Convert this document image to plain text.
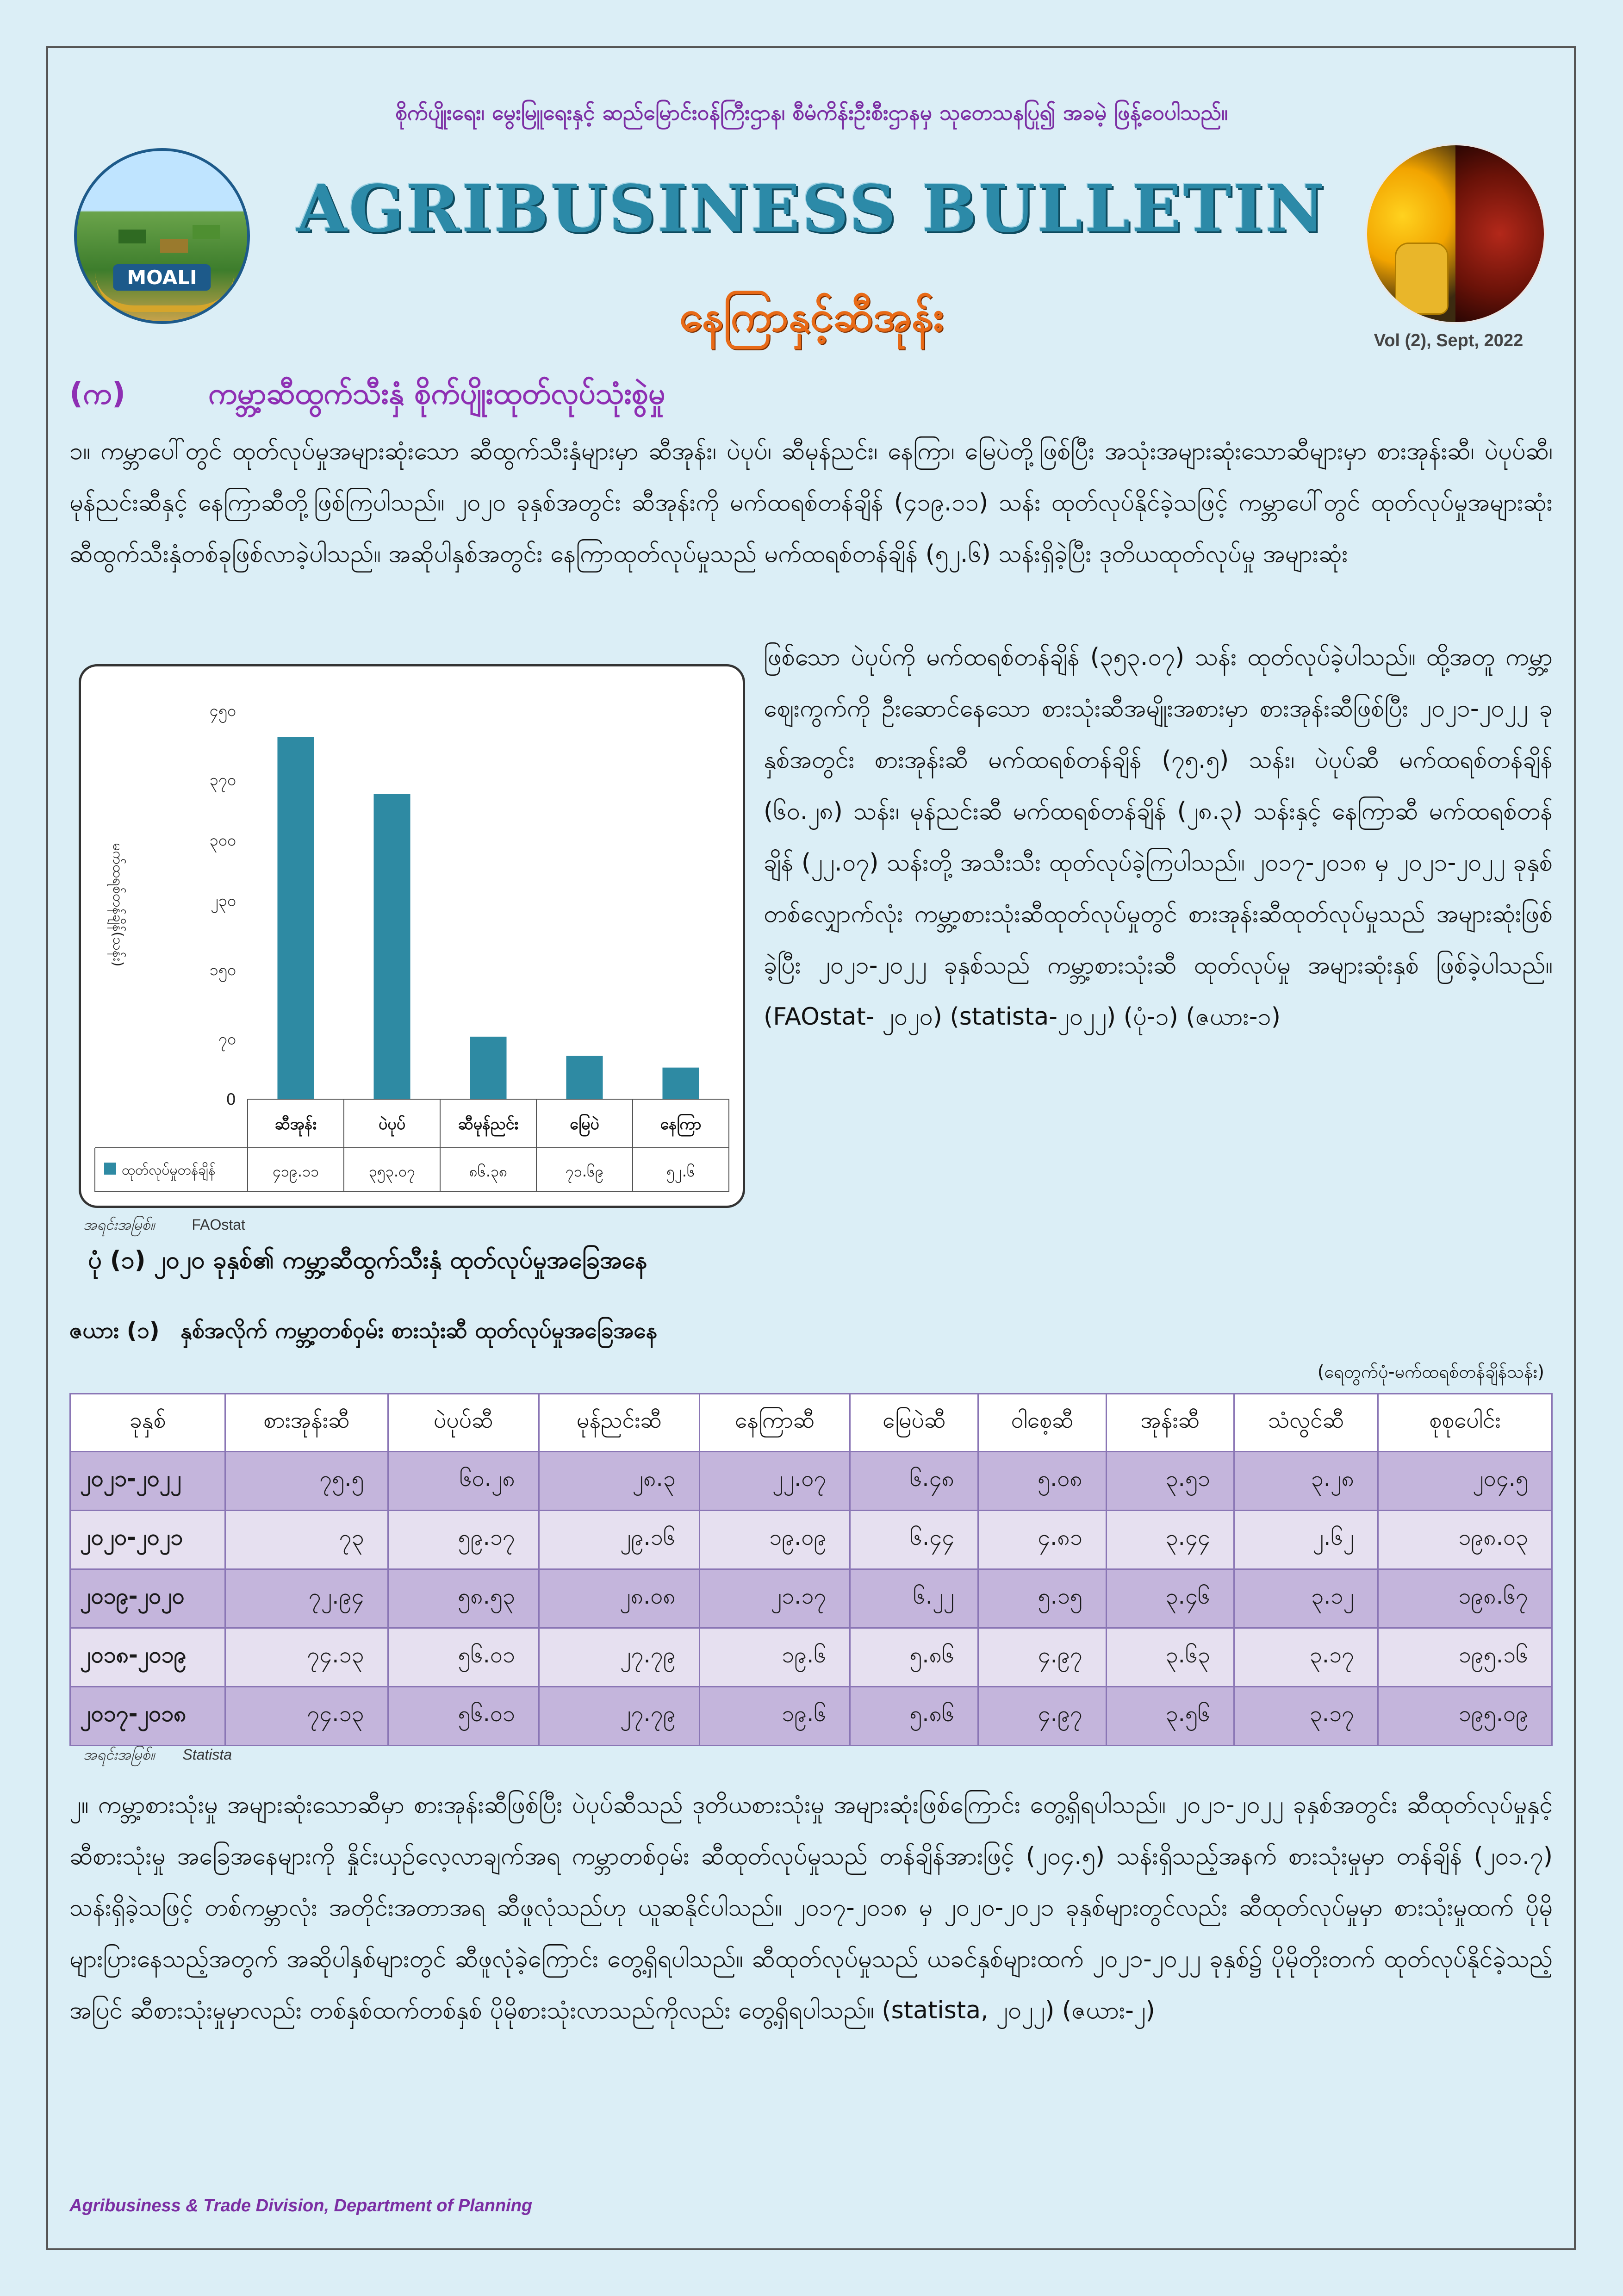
စိုက်ပျိုးရေး၊ မွေးမြူရေးနှင့် ဆည်မြောင်းဝန်ကြီးဌာန၊ စီမံကိန်းဦးစီးဌာနမှ သုတေသနပြု၍ အခမဲ့ ဖြန့်ဝေပါသည်။
MOALI
AGRIBUSINESS BULLETIN
နေကြာနှင့်ဆီအုန်း	Vol (2), Sept, 2022
(က)	ကမ္ဘာ့ဆီထွက်သီးနှံ စိုက်ပျိုးထုတ်လုပ်သုံးစွဲမှု
၁။ ကမ္ဘာပေါ်တွင် ထုတ်လုပ်မှုအများဆုံးသော ဆီထွက်သီးနှံများမှာ ဆီအုန်း၊ ပဲပုပ်၊ ဆီမုန်ညင်း၊ နေကြာ၊ မြေပဲတို့ဖြစ်ပြီး အသုံးအများဆုံးသောဆီများမှာ စားအုန်းဆီ၊ ပဲပုပ်ဆီ၊ မုန်ညင်းဆီနှင့် နေကြာဆီတို့ဖြစ်ကြပါသည်။ ၂၀၂၀ ခုနှစ်အတွင်း ဆီအုန်းကို မက်ထရစ်တန်ချိန် (၄၁၉.၁၁) သန်း ထုတ်လုပ်နိုင်ခဲ့သဖြင့် ကမ္ဘာပေါ်တွင် ထုတ်လုပ်မှုအများဆုံး ဆီထွက်သီးနှံတစ်ခုဖြစ်လာခဲ့ပါသည်။ အဆိုပါနှစ်အတွင်း နေကြာထုတ်လုပ်မှုသည် မက်ထရစ်တန်ချိန် (၅၂.၆) သန်းရှိခဲ့ပြီး ဒုတိယထုတ်လုပ်မှု အများဆုံး
ဖြစ်သော ပဲပုပ်ကို မက်ထရစ်တန်ချိန် (၃၅၃.၀၇) သန်း ထုတ်လုပ်ခဲ့ပါသည်။ ထို့အတူ ကမ္ဘာ့ဈေးကွက်ကို ဦးဆောင်နေသော စားသုံးဆီအမျိုးအစားမှာ စားအုန်းဆီဖြစ်ပြီး ၂၀၂၁-၂၀၂၂ ခုနှစ်အတွင်း စားအုန်းဆီ မက်ထရစ်တန်ချိန် (၇၅.၅) သန်း၊ ပဲပုပ်ဆီ မက်ထရစ်တန်ချိန် (၆၀.၂၈) သန်း၊ မုန်ညင်းဆီ မက်ထရစ်တန်ချိန် (၂၈.၃) သန်းနှင့် နေကြာဆီ မက်ထရစ်တန်ချိန် (၂၂.၀၇) သန်းတို့ အသီးသီး ထုတ်လုပ်ခဲ့ကြပါသည်။ ၂၀၁၇-၂၀၁၈ မှ ၂၀၂၁-၂၀၂၂ ခုနှစ်တစ်လျှောက်လုံး ကမ္ဘာ့စားသုံးဆီထုတ်လုပ်မှုတွင် စားအုန်းဆီထုတ်လုပ်မှုသည် အများဆုံးဖြစ်ခဲ့ပြီး ၂၀၂၁-၂၀၂၂ ခုနှစ်သည် ကမ္ဘာ့စားသုံးဆီ ထုတ်လုပ်မှု အများဆုံးနှစ် ဖြစ်ခဲ့ပါသည်။ (FAOstat- ၂၀၂၀) (statista-၂၀၂၂) (ပုံ-၁) (ဇယား-၁)
မက်ထရစ်တန်ချိန်(သန်း)
0
၇၀
၁၅၀
၂၃၀
၃၀၀
၃၇၀
၄၅၀
ထုတ်လုပ်မှုတန်ချိန်
ဆီအုန်း
၄၁၉.၁၁
ပဲပုပ်
၃၅၃.၀၇
ဆီမုန်ညင်း
၈၆.၃၈
မြေပဲ
၇၁.၆၉
နေကြာ
၅၂.၆
အရင်းအမြစ်။	FAOstat
ပုံ (၁) ၂၀၂၀ ခုနှစ်၏ ကမ္ဘာ့ဆီထွက်သီးနှံ ထုတ်လုပ်မှုအခြေအနေ
ဇယား (၁) နှစ်အလိုက် ကမ္ဘာ့တစ်ဝှမ်း စားသုံးဆီ ထုတ်လုပ်မှုအခြေအနေ
(ရေတွက်ပုံ-မက်ထရစ်တန်ချိန်သန်း)
ခုနှစ်	စားအုန်းဆီ	ပဲပုပ်ဆီ	မုန်ညင်းဆီ	နေကြာဆီ	မြေပဲဆီ	ဝါစေ့ဆီ	အုန်းဆီ	သံလွင်ဆီ	စုစုပေါင်း
၂၀၂၁-၂၀၂၂	၇၅.၅	၆၀.၂၈	၂၈.၃	၂၂.၀၇	၆.၄၈	၅.၀၈	၃.၅၁	၃.၂၈	၂၀၄.၅
၂၀၂၀-၂၀၂၁	၇၃	၅၉.၁၇	၂၉.၁၆	၁၉.၀၉	၆.၄၄	၄.၈၁	၃.၄၄	၂.၆၂	၁၉၈.၀၃
၂၀၁၉-၂၀၂၀	၇၂.၉၄	၅၈.၅၃	၂၈.၀၈	၂၁.၁၇	၆.၂၂	၅.၁၅	၃.၄၆	၃.၁၂	၁၉၈.၆၇
၂၀၁၈-၂၀၁၉	၇၄.၁၃	၅၆.၀၁	၂၇.၇၉	၁၉.၆	၅.၈၆	၄.၉၇	၃.၆၃	၃.၁၇	၁၉၅.၁၆
၂၀၁၇-၂၀၁၈	၇၄.၁၃	၅၆.၀၁	၂၇.၇၉	၁၉.၆	၅.၈၆	၄.၉၇	၃.၅၆	၃.၁၇	၁၉၅.၀၉
အရင်းအမြစ်။ Statista
၂။ ကမ္ဘာ့စားသုံးမှု အများဆုံးသောဆီမှာ စားအုန်းဆီဖြစ်ပြီး ပဲပုပ်ဆီသည် ဒုတိယစားသုံးမှု အများဆုံးဖြစ်ကြောင်း တွေ့ရှိရပါသည်။ ၂၀၂၁-၂၀၂၂ ခုနှစ်အတွင်း ဆီထုတ်လုပ်မှုနှင့် ဆီစားသုံးမှု အခြေအနေများကို နှိုင်းယှဉ်လေ့လာချက်အရ ကမ္ဘာတစ်ဝှမ်း ဆီထုတ်လုပ်မှုသည် တန်ချိန်အားဖြင့် (၂၀၄.၅) သန်းရှိသည့်အနက် စားသုံးမှုမှာ တန်ချိန် (၂၀၁.၇) သန်းရှိခဲ့သဖြင့် တစ်ကမ္ဘာလုံး အတိုင်းအတာအရ ဆီဖူလုံသည်ဟု ယူဆနိုင်ပါသည်။ ၂၀၁၇-၂၀၁၈ မှ ၂၀၂၀-၂၀၂၁ ခုနှစ်များတွင်လည်း ဆီထုတ်လုပ်မှုမှာ စားသုံးမှုထက် ပိုမိုများပြားနေသည့်အတွက် အဆိုပါနှစ်များတွင် ဆီဖူလုံခဲ့ကြောင်း တွေ့ရှိရပါသည်။ ဆီထုတ်လုပ်မှုသည် ယခင်နှစ်များထက် ၂၀၂၁-၂၀၂၂ ခုနှစ်၌ ပိုမိုတိုးတက် ထုတ်လုပ်နိုင်ခဲ့သည့်အပြင် ဆီစားသုံးမှုမှာလည်း တစ်နှစ်ထက်တစ်နှစ် ပိုမိုစားသုံးလာသည်ကိုလည်း တွေ့ရှိရပါသည်။ (statista, ၂၀၂၂) (ဇယား-၂)
Agribusiness & Trade Division, Department of Planning
